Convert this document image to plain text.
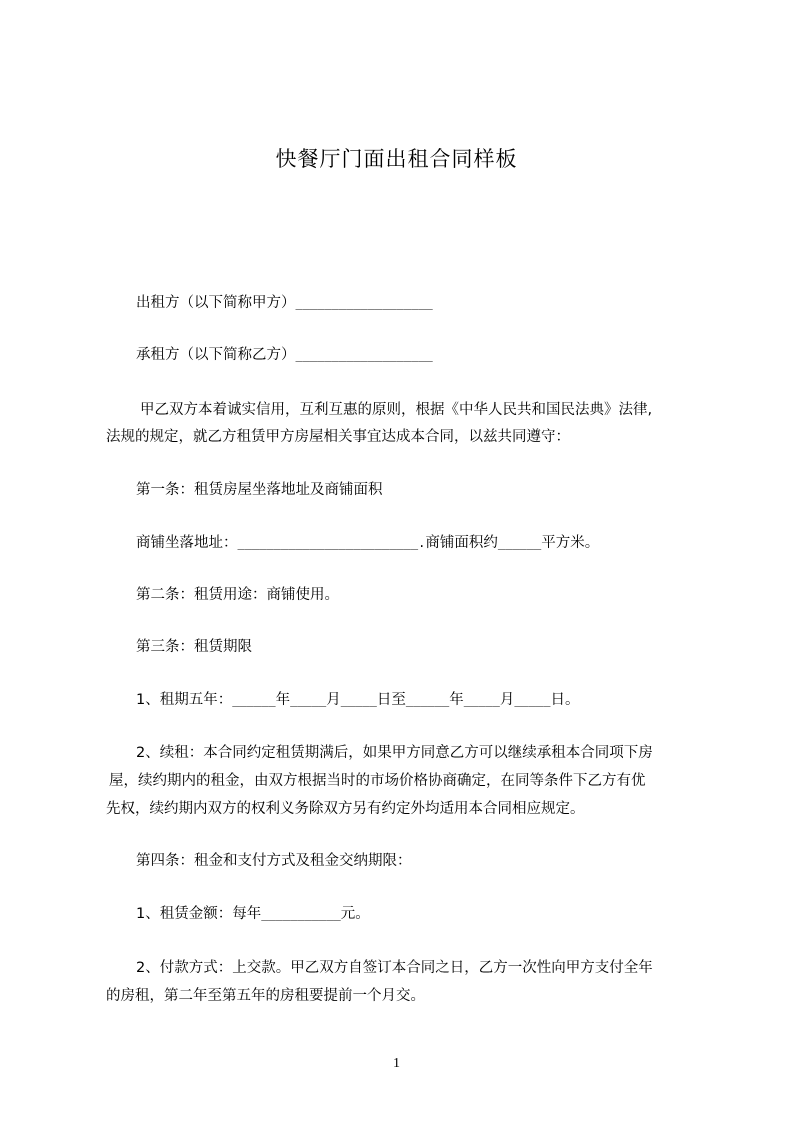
快餐厅门面出租合同样板
出租方（以下简称甲方）___________________
承租方（以下简称乙方）___________________
甲乙双方本着诚实信用，互利互惠的原则，根据《中华人民共和国民法典》法律,
法规的规定，就乙方租赁甲方房屋相关事宜达成本合同，以兹共同遵守：
第一条：租赁房屋坐落地址及商铺面积
商铺坐落地址：_________________________.商铺面积约______平方米。
第二条：租赁用途：商铺使用。
第三条：租赁期限
1、租期五年：______年_____月_____日至______年_____月_____日。
2、续租：本合同约定租赁期满后，如果甲方同意乙方可以继续承租本合同项下房
屋，续约期内的租金，由双方根据当时的市场价格协商确定，在同等条件下乙方有优
先权，续约期内双方的权利义务除双方另有约定外均适用本合同相应规定。
第四条：租金和支付方式及租金交纳期限：
1、租赁金额：每年___________元。
2、付款方式：上交款。甲乙双方自签订本合同之日，乙方一次性向甲方支付全年
的房租，第二年至第五年的房租要提前一个月交。
1
